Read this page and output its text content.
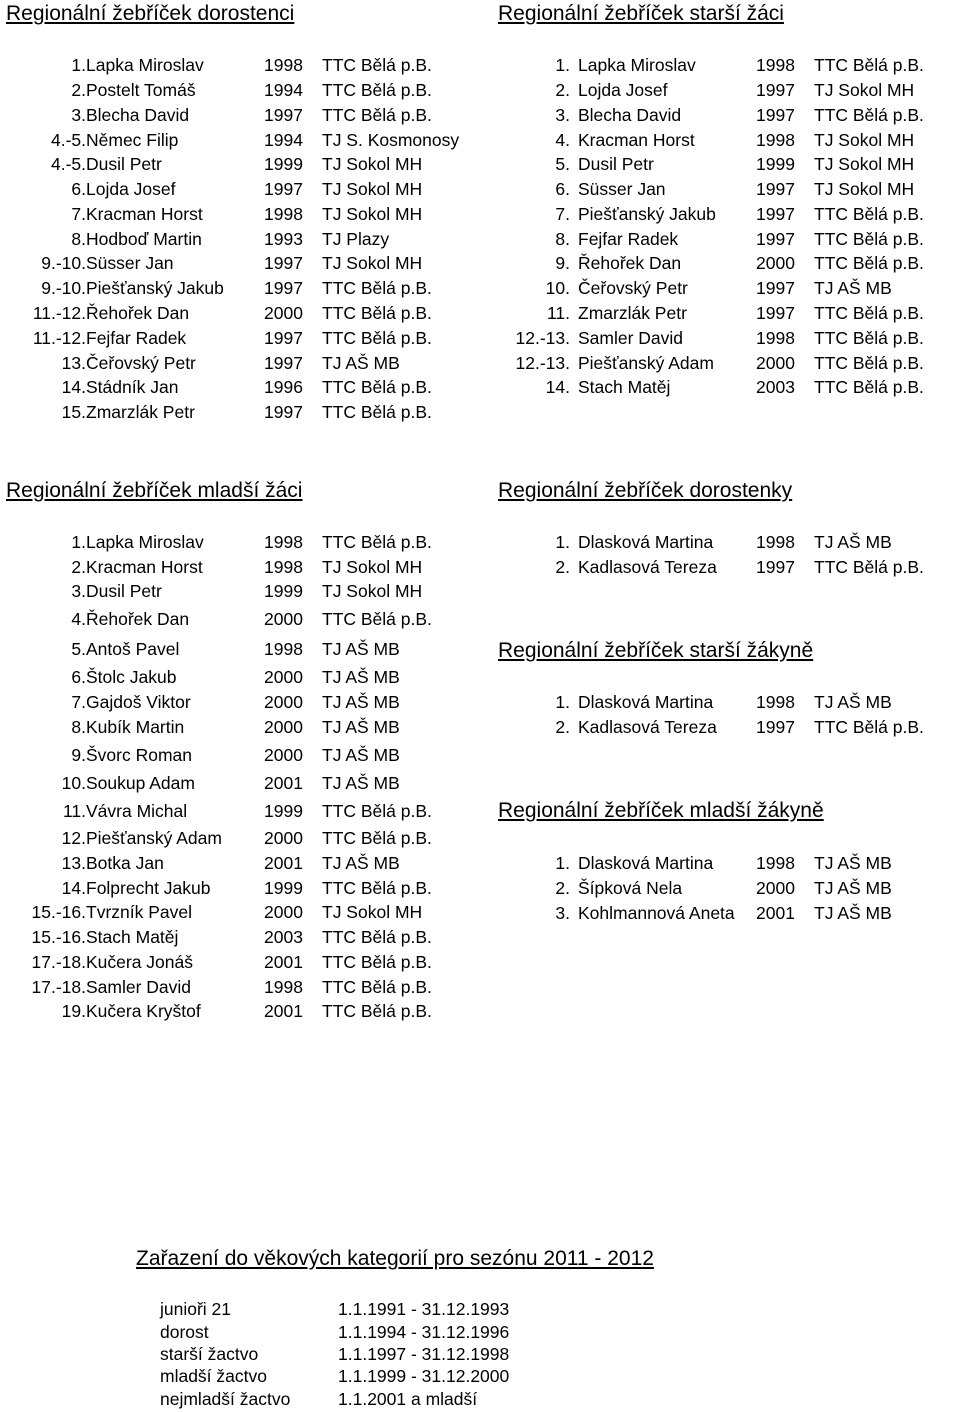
Regionální žebříček dorostenci
1. Lapka Miroslav	1998 TTC Bělá p.B.
2. Postelt Tomáš	1994 TTC Bělá p.B.
3. Blecha David	1997 TTC Bělá p.B.
4.-5. Němec Filip	1994 TJ S. Kosmonosy
4.-5. Dusil Petr	1999 TJ Sokol MH
6. Lojda Josef	1997 TJ Sokol MH
7. Kracman Horst	1998 TJ Sokol MH
8. Hodboď Martin	1993 TJ Plazy
9.-10. Süsser Jan	1997 TJ Sokol MH
9.-10. Piešťanský Jakub 1997 TTC Bělá p.B.
11.-12. Řehořek Dan	2000 TTC Bělá p.B.
11.-12. Fejfar Radek	1997 TTC Bělá p.B.
13. Čeřovský Petr	1997 TJ AŠ MB
14. Stádník Jan	1996 TTC Bělá p.B.
15. Zmarzlák Petr	1997 TTC Bělá p.B.
Regionální žebříček starší žáci
1. Lapka Miroslav	1998 TTC Bělá p.B.
2. Lojda Josef	1997 TJ Sokol MH
3. Blecha David	1997 TTC Bělá p.B.
4. Kracman Horst	1998 TJ Sokol MH
5. Dusil Petr	1999 TJ Sokol MH
6. Süsser Jan	1997 TJ Sokol MH
7. Piešťanský Jakub 1997 TTC Bělá p.B.
8. Fejfar Radek	1997 TTC Bělá p.B.
9. Řehořek Dan	2000 TTC Bělá p.B.
10. Čeřovský Petr	1997 TJ AŠ MB
11. Zmarzlák Petr	1997 TTC Bělá p.B.
12.-13. Samler David	1998 TTC Bělá p.B.
12.-13. Piešťanský Adam 2000 TTC Bělá p.B.
14. Stach Matěj	2003 TTC Bělá p.B.
Regionální žebříček mladší žáci
1. Lapka Miroslav	1998 TTC Bělá p.B.
2. Kracman Horst	1998 TJ Sokol MH
3. Dusil Petr	1999 TJ Sokol MH
4. Řehořek Dan	2000 TTC Bělá p.B.
5. Antoš Pavel	1998 TJ AŠ MB
6. Štolc Jakub	2000 TJ AŠ MB
7. Gajdoš Viktor	2000 TJ AŠ MB
8. Kubík Martin	2000 TJ AŠ MB
9. Švorc Roman	2000 TJ AŠ MB
10. Soukup Adam	2001 TJ AŠ MB
11. Vávra Michal	1999 TTC Bělá p.B.
12. Piešťanský Adam 2000 TTC Bělá p.B.
13. Botka Jan	2001 TJ AŠ MB
14. Folprecht Jakub	1999 TTC Bělá p.B.
15.-16. Tvrzník Pavel	2000 TJ Sokol MH
15.-16. Stach Matěj	2003 TTC Bělá p.B.
17.-18. Kučera Jonáš	2001 TTC Bělá p.B.
17.-18. Samler David	1998 TTC Bělá p.B.
19. Kučera Kryštof	2001 TTC Bělá p.B.
Regionální žebříček dorostenky
1. Dlasková Martina 1998 TJ AŠ MB
2. Kadlasová Tereza 1997 TTC Bělá p.B.
Regionální žebříček starší žákyně
1. Dlasková Martina 1998 TJ AŠ MB
2. Kadlasová Tereza 1997 TTC Bělá p.B.
Regionální žebříček mladší žákyně
1. Dlasková Martina 1998 TJ AŠ MB
2. Šípková Nela	2000 TJ AŠ MB
3. Kohlmannová Aneta 2001 TJ AŠ MB
Zařazení do věkových kategorií pro sezónu 2011 - 2012
junioři 21	1.1.1991 - 31.12.1993
dorost	1.1.1994 - 31.12.1996
starší žactvo	1.1.1997 - 31.12.1998
mladší žactvo	1.1.1999 - 31.12.2000
nejmladší žactvo	1.1.2001 a mladší
